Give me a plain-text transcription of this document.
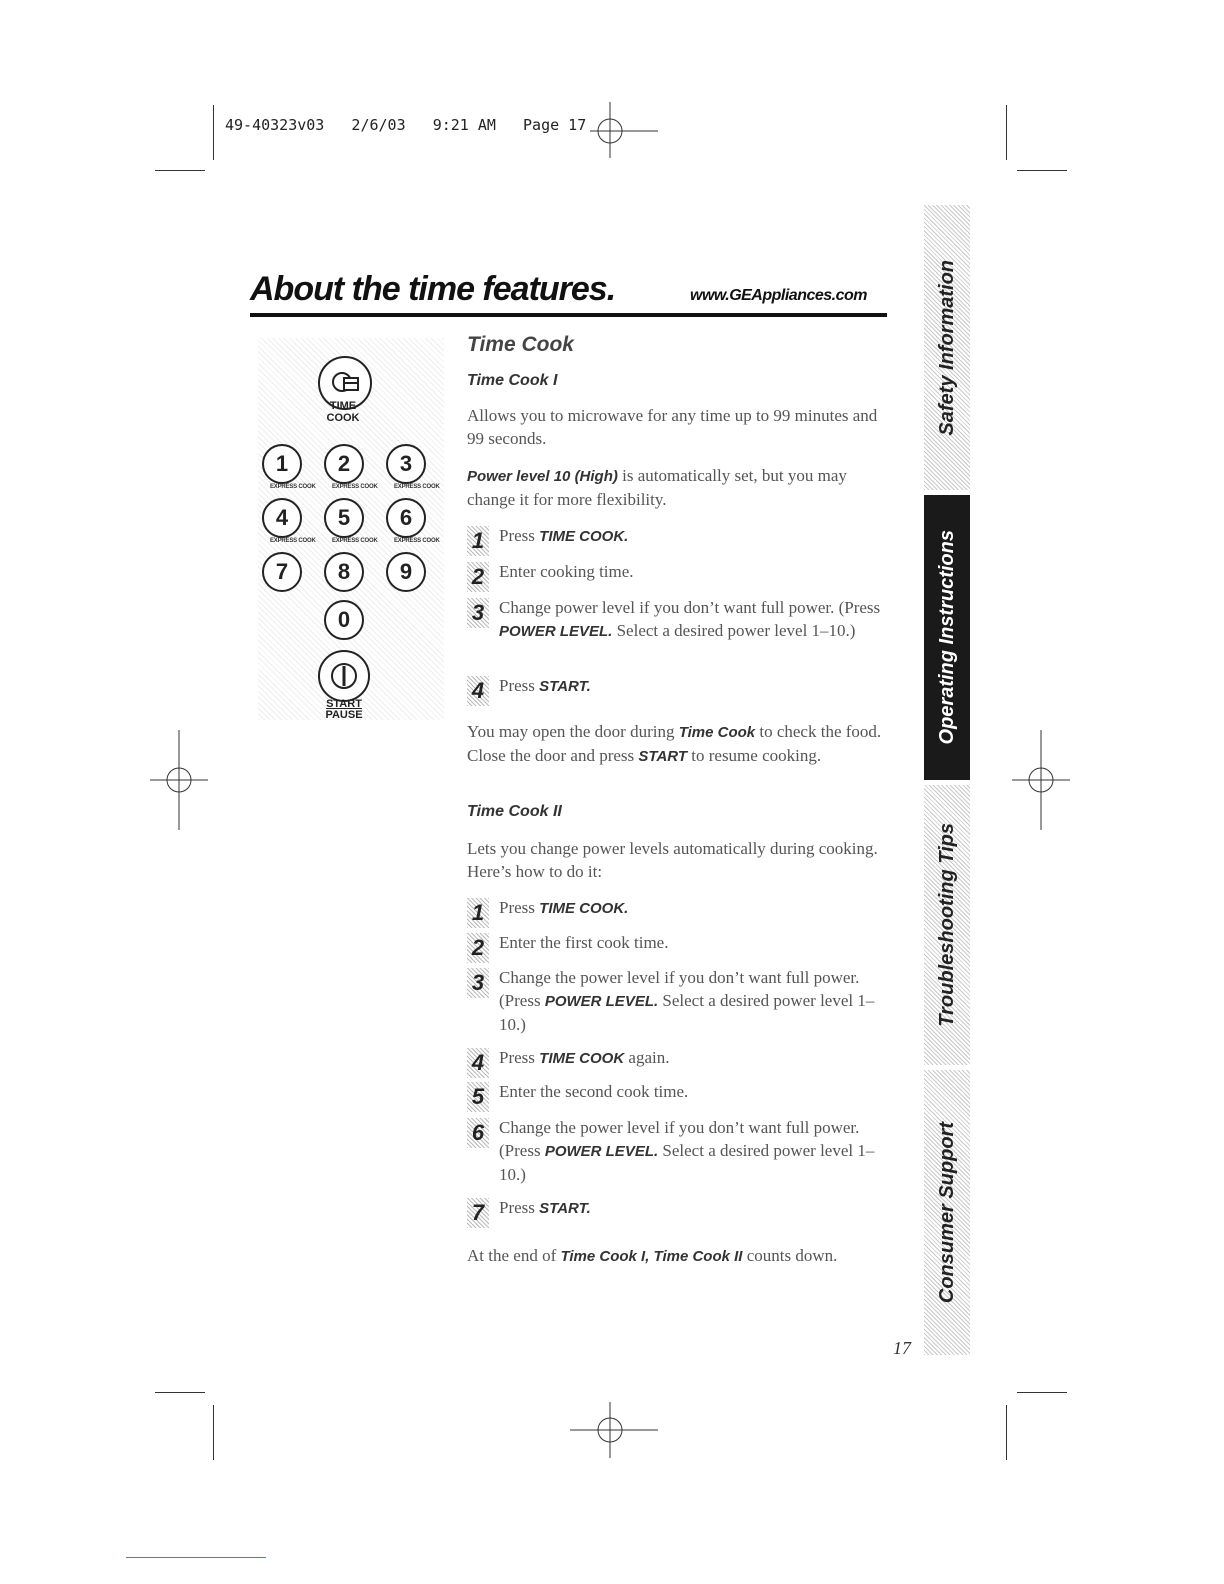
49-40323v03   2/6/03   9:21 AM   Page 17
About the time features.	www.GEAppliances.com
TIME
COOK
1	2	3
EXPRESS COOK	EXPRESS COOK	EXPRESS COOK
4	5	6
EXPRESS COOK	EXPRESS COOK	EXPRESS COOK
7	8	9
0
START
PAUSE
Time Cook
Time Cook I
Allows you to microwave for any time up to 99 minutes and 99 seconds.
Power level 10 (High) is automatically set, but you may change it for more flexibility.
1 Press TIME COOK.
2 Enter cooking time.
3 Change power level if you don’t want full power. (Press POWER LEVEL. Select a desired power level 1–10.)
4 Press START.
You may open the door during Time Cook to check the food. Close the door and press START to resume cooking.
Time Cook II
Lets you change power levels automatically during cooking. Here’s how to do it:
1 Press TIME COOK.
2 Enter the first cook time.
3 Change the power level if you don’t want full power. (Press POWER LEVEL. Select a desired power level 1–10.)
4 Press TIME COOK again.
5 Enter the second cook time.
6 Change the power level if you don’t want full power. (Press POWER LEVEL. Select a desired power level 1–10.)
7 Press START.
At the end of Time Cook I, Time Cook II counts down.
Safety Information
Operating Instructions
Troubleshooting Tips
Consumer Support
17
